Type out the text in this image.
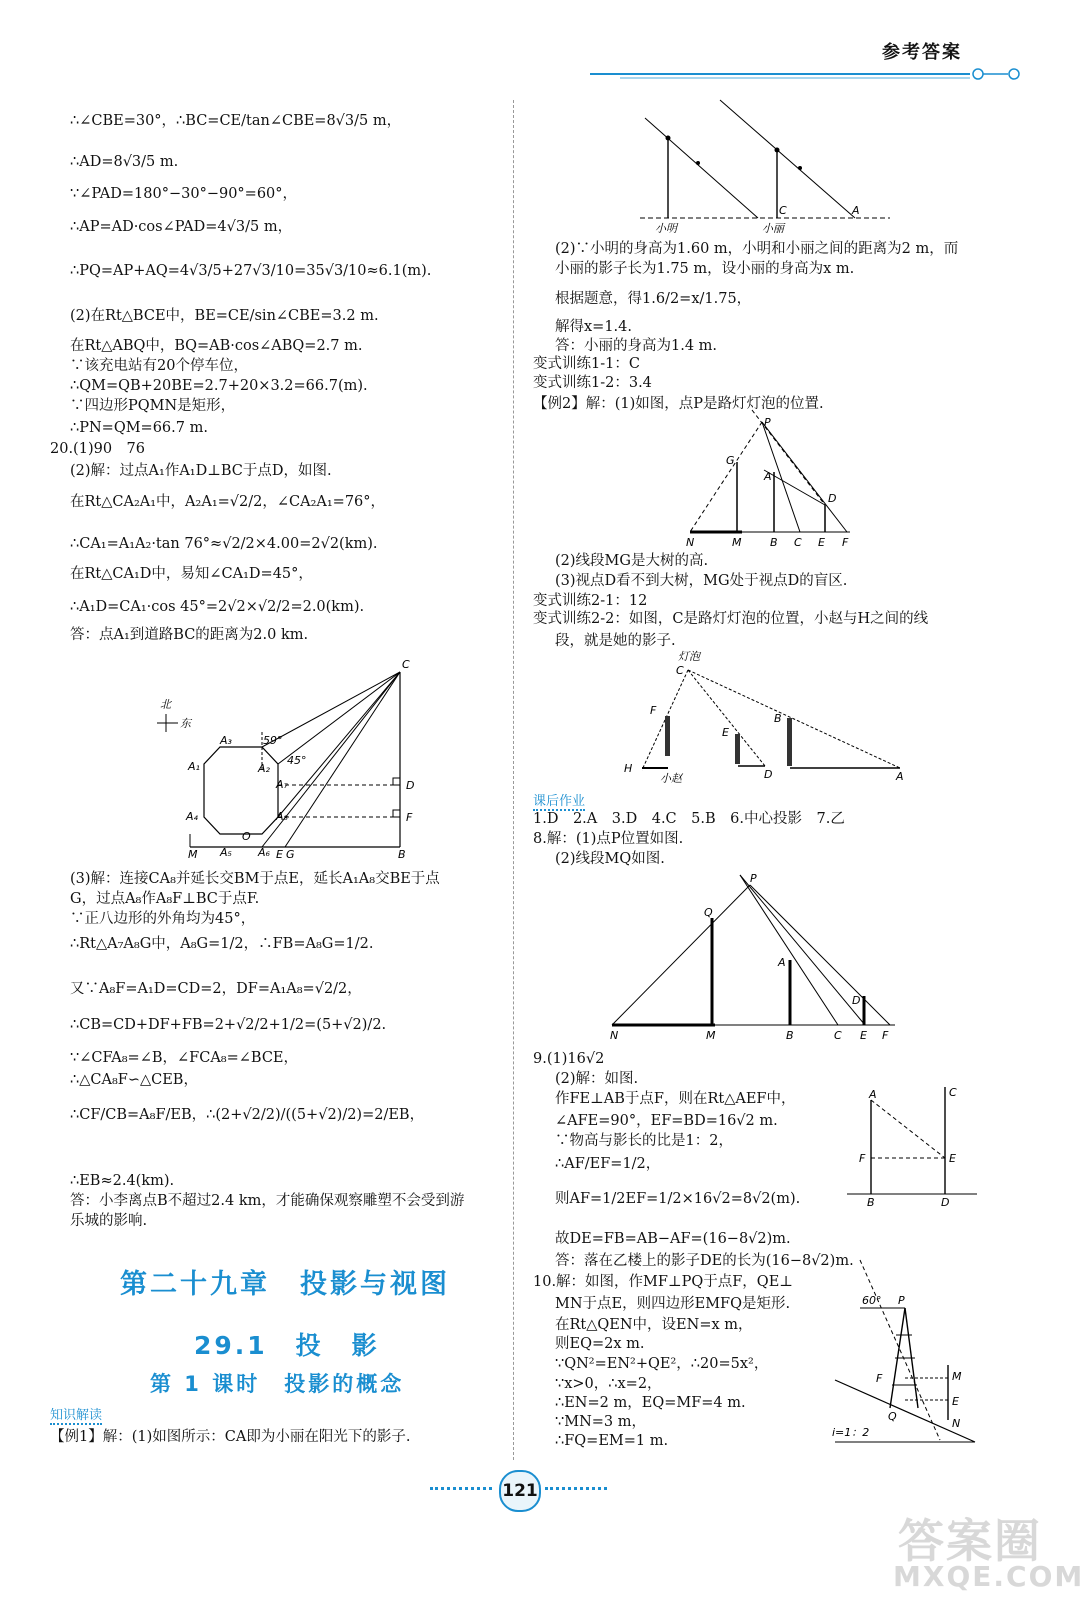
参考答案
∴∠CBE=30°，∴BC=CE/tan∠CBE=8√3/5 m，
∴AD=8√3/5 m.
∵∠PAD=180°−30°−90°=60°，
∴AP=AD·cos∠PAD=4√3/5 m，
∴PQ=AP+AQ=4√3/5+27√3/10=35√3/10≈6.1(m).
(2)在Rt△BCE中，BE=CE/sin∠CBE=3.2 m.
在Rt△ABQ中，BQ=AB·cos∠ABQ=2.7 m.
∵该充电站有20个停车位，
∴QM=QB+20BE=2.7+20×3.2=66.7(m).
∵四边形PQMN是矩形，
∴PN=QM=66.7 m.
20.(1)90　76
(2)解：过点A₁作A₁D⊥BC于点D，如图.
在Rt△CA₂A₁中，A₂A₁=√2/2，∠CA₂A₁=76°，
∴CA₁=A₁A₂·tan 76°≈√2/2×4.00=2√2(km).
在Rt△CA₁D中，易知∠CA₁D=45°，
∴A₁D=CA₁·cos 45°=2√2×√2/2=2.0(km).
答：点A₁到道路BC的距离为2.0 km.
(3)解：连接CA₈并延长交BM于点E，延长A₁A₈交BE于点
G，过点A₈作A₈F⊥BC于点F.
∵正八边形的外角均为45°，
∴Rt△A₇A₈G中，A₈G=1/2，∴FB=A₈G=1/2.
又∵A₈F=A₁D=CD=2，DF=A₁A₈=√2/2，
∴CB=CD+DF+FB=2+√2/2+1/2=(5+√2)/2.
∵∠CFA₈=∠B，∠FCA₈=∠BCE，
∴△CA₈F∽△CEB，
∴CF/CB=A₈F/EB，∴(2+√2/2)/((5+√2)/2)=2/EB，
∴EB≈2.4(km).
答：小李离点B不超过2.4 km，才能确保观察雕塑不会受到游
乐城的影响.
北
东
C
59°
45°
A₁	A₂
A₃
A₄
A₅ A₆
A₇
A₈
D
F
O
M	E G	B
第二十九章　投影与视图
29.1　投　影
第 1 课时　投影的概念
知识解读
【例1】解：(1)如图所示：CA即为小丽在阳光下的影子.
小明	小丽
C	A
(2)∵小明的身高为1.60 m，小明和小丽之间的距离为2 m，而
小丽的影子长为1.75 m，设小丽的身高为x m.
根据题意，得1.6/2=x/1.75，
解得x=1.4.
答：小丽的身高为1.4 m.
变式训练1-1：C
变式训练1-2：3.4
【例2】解：(1)如图，点P是路灯灯泡的位置.
(2)线段MG是大树的高.
(3)视点D看不到大树，MG处于视点D的盲区.
变式训练2-1：12
变式训练2-2：如图，C是路灯灯泡的位置，小赵与H之间的线
段，就是她的影子.
1.D　2.A　3.D　4.C　5.B　6.中心投影　7.乙
8.解：(1)点P位置如图.
(2)线段MQ如图.
9.(1)16√2
(2)解：如图.
作FE⊥AB于点F，则在Rt△AEF中，
∠AFE=90°，EF=BD=16√2 m.
∵物高与影长的比是1：2，
∴AF/EF=1/2，
则AF=1/2EF=1/2×16√2=8√2(m).
故DE=FB=AB−AF=(16−8√2)m.
答：落在乙楼上的影子DE的长为(16−8√2)m.
10.解：如图，作MF⊥PQ于点F，QE⊥
MN于点E，则四边形EMFQ是矩形.
在Rt△QEN中，设EN=x m，
则EQ=2x m.
∵QN²=EN²+QE²，∴20=5x²，
∵x>0，∴x=2，
∴EN=2 m，EQ=MF=4 m.
∵MN=3 m，
∴FQ=EM=1 m.
P
G
A
D
N	M	B C E F
灯泡
C
F
E
B
H
小赵	D	A
课后作业
P
Q
A
D
N	M	B	C E F
A	C
F	E
B	D
60° P
M
F
E
Q
N
i=1：2
121
答案圈
MXQE.COM
